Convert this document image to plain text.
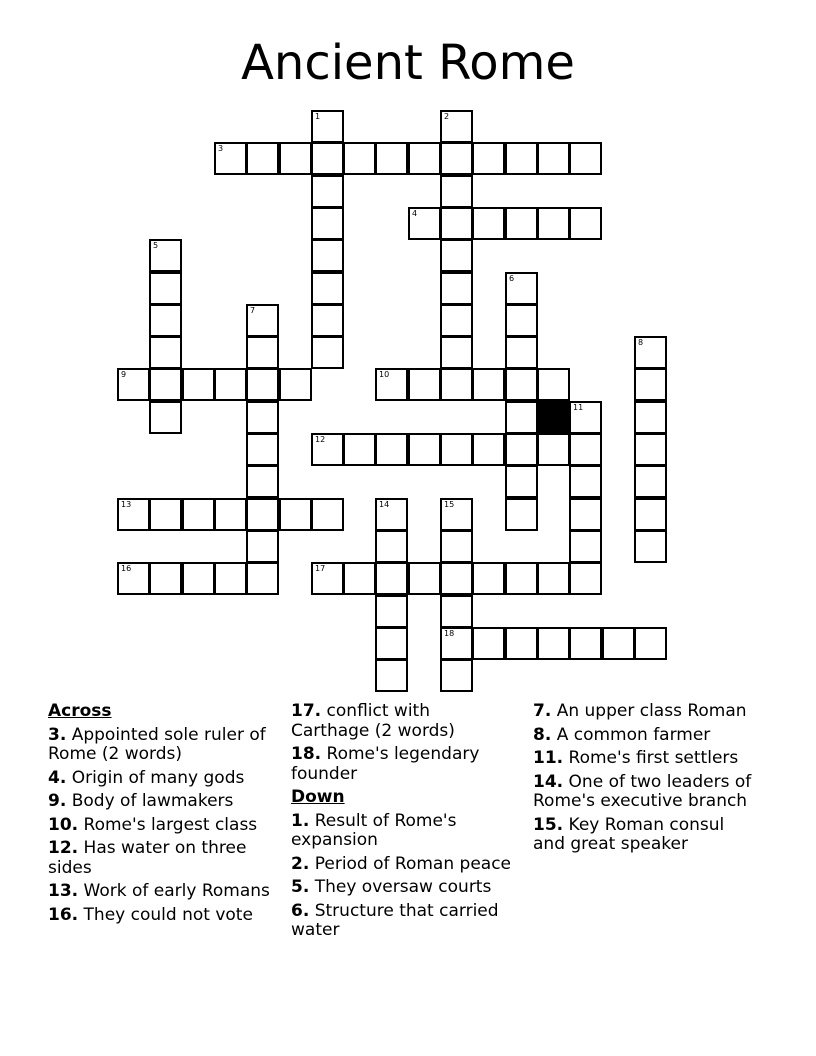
Ancient Rome
1	2
3
4
5
6
7
8
9	10
11
12
13	14	15
18
16	17
Across
3. Appointed sole ruler of Rome (2 words)
4. Origin of many gods
9. Body of lawmakers
10. Rome's largest class
12. Has water on three sides
13. Work of early Romans
16. They could not vote
17. conflict with Carthage (2 words)
18. Rome's legendary founder
Down
1. Result of Rome's expansion
2. Period of Roman peace
5. They oversaw courts
6. Structure that carried water
7. An upper class Roman
8. A common farmer
11. Rome's first settlers
14. One of two leaders of Rome's executive branch
15. Key Roman consul and great speaker
